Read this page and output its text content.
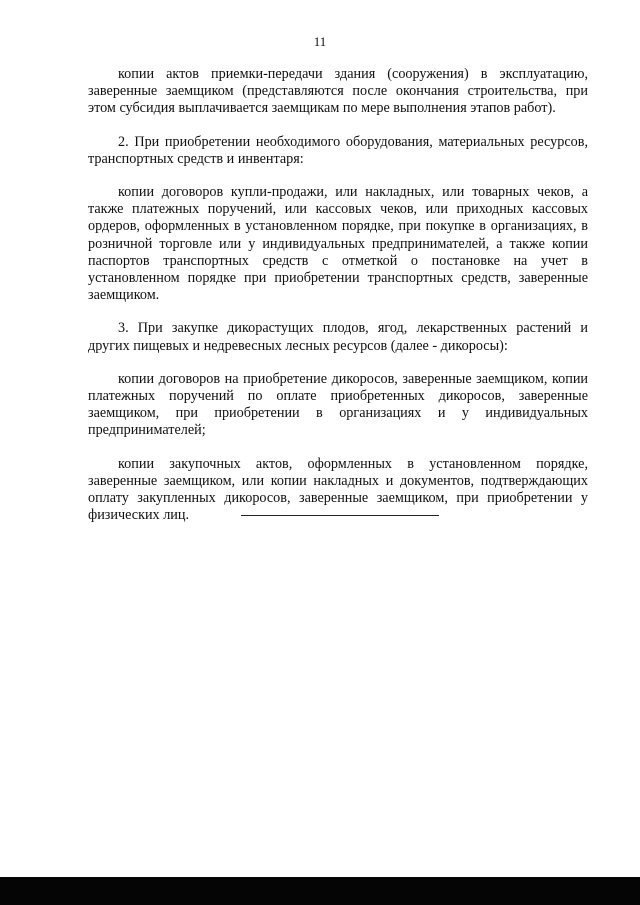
11

копии актов приемки-передачи здания (сооружения) в эксплуатацию, заверенные заемщиком (представляются после окончания строительства, при этом субсидия выплачивается заемщикам по мере выполнения этапов работ).

2. При приобретении необходимого оборудования, материальных ресурсов, транспортных средств и инвентаря:

копии договоров купли-продажи, или накладных, или товарных чеков, а также платежных поручений, или кассовых чеков, или приходных кассовых ордеров, оформленных в установленном порядке, при покупке в организациях, в розничной торговле или у индивидуальных предпринимателей, а также копии паспортов транспортных средств с отметкой о постановке на учет в установленном порядке при приобретении транспортных средств, заверенные заемщиком.

3. При закупке дикорастущих плодов, ягод, лекарственных растений и других пищевых и недревесных лесных ресурсов (далее - дикоросы):

копии договоров на приобретение дикоросов, заверенные заемщиком, копии платежных поручений по оплате приобретенных дикоросов, заверенные заемщиком, при приобретении в организациях и у индивидуальных предпринимателей;

копии закупочных актов, оформленных в установленном порядке, заверенные заемщиком, или копии накладных и документов, подтверждающих оплату закупленных дикоросов, заверенные заемщиком, при приобретении у физических лиц.
